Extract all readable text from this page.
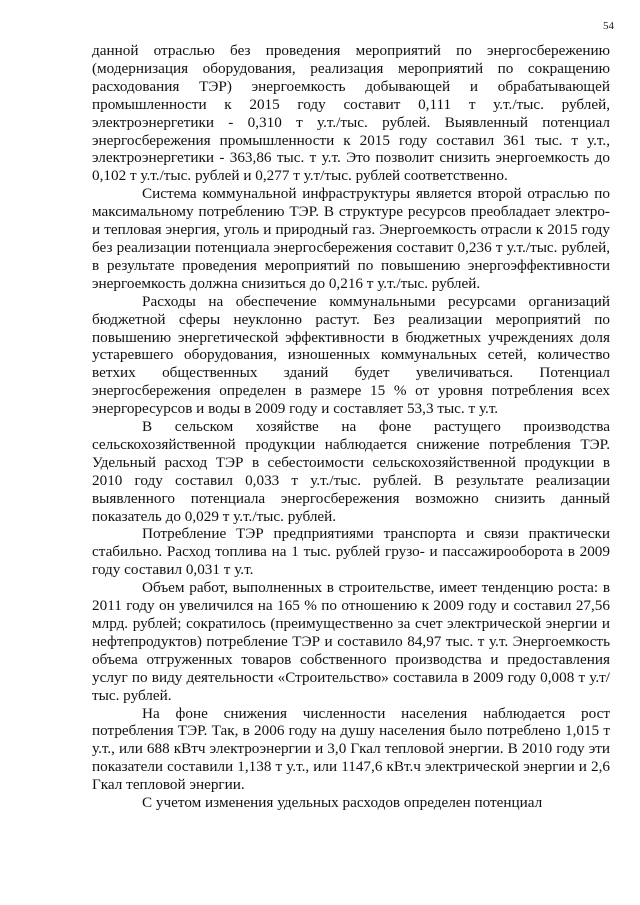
54

данной отраслью без проведения мероприятий по энергосбережению (модернизация оборудования, реализация мероприятий по сокращению расходования ТЭР) энергоемкость добывающей и обрабатывающей промышленности к 2015 году составит 0,111 т у.т./тыс. рублей, электроэнергетики - 0,310 т у.т./тыс. рублей. Выявленный потенциал энергосбережения промышленности к 2015 году составил 361 тыс. т у.т., электроэнергетики - 363,86 тыс. т у.т. Это позволит снизить энергоемкость до 0,102 т у.т./тыс. рублей и 0,277 т у.т/тыс. рублей соответственно.

Система коммунальной инфраструктуры является второй отраслью по максимальному потреблению ТЭР. В структуре ресурсов преобладает электро- и тепловая энергия, уголь и природный газ. Энергоемкость отрасли к 2015 году без реализации потенциала энергосбережения составит 0,236 т у.т./тыс. рублей, в результате проведения мероприятий по повышению энергоэффективности энергоемкость должна снизиться до 0,216 т у.т./тыс. рублей.

Расходы на обеспечение коммунальными ресурсами организаций бюджетной сферы неуклонно растут. Без реализации мероприятий по повышению энергетической эффективности в бюджетных учреждениях доля устаревшего оборудования, изношенных коммунальных сетей, количество ветхих общественных зданий будет увеличиваться. Потенциал энергосбережения определен в размере 15 % от уровня потребления всех энергоресурсов и воды в 2009 году и составляет 53,3 тыс. т у.т.

В сельском хозяйстве на фоне растущего производства сельскохозяйственной продукции наблюдается снижение потребления ТЭР. Удельный расход ТЭР в себестоимости сельскохозяйственной продукции в 2010 году составил 0,033 т у.т./тыс. рублей. В результате реализации выявленного потенциала энергосбережения возможно снизить данный показатель до 0,029 т у.т./тыс. рублей.

Потребление ТЭР предприятиями транспорта и связи практически стабильно. Расход топлива на 1 тыс. рублей грузо- и пассажирооборота в 2009 году составил 0,031 т у.т.

Объем работ, выполненных в строительстве, имеет тенденцию роста: в 2011 году он увеличился на 165 % по отношению к 2009 году и составил 27,56 млрд. рублей; сократилось (преимущественно за счет электрической энергии и нефтепродуктов) потребление ТЭР и составило 84,97 тыс. т у.т. Энергоемкость объема отгруженных товаров собственного производства и предоставления услуг по виду деятельности «Строительство» составила в 2009 году 0,008 т у.т/тыс. рублей.

На фоне снижения численности населения наблюдается рост потребления ТЭР. Так, в 2006 году на душу населения было потреблено 1,015 т у.т., или 688 кВтч электроэнергии и 3,0 Гкал тепловой энергии. В 2010 году эти показатели составили 1,138 т у.т., или 1147,6 кВт.ч электрической энергии и 2,6 Гкал тепловой энергии.

С учетом изменения удельных расходов определен потенциал
